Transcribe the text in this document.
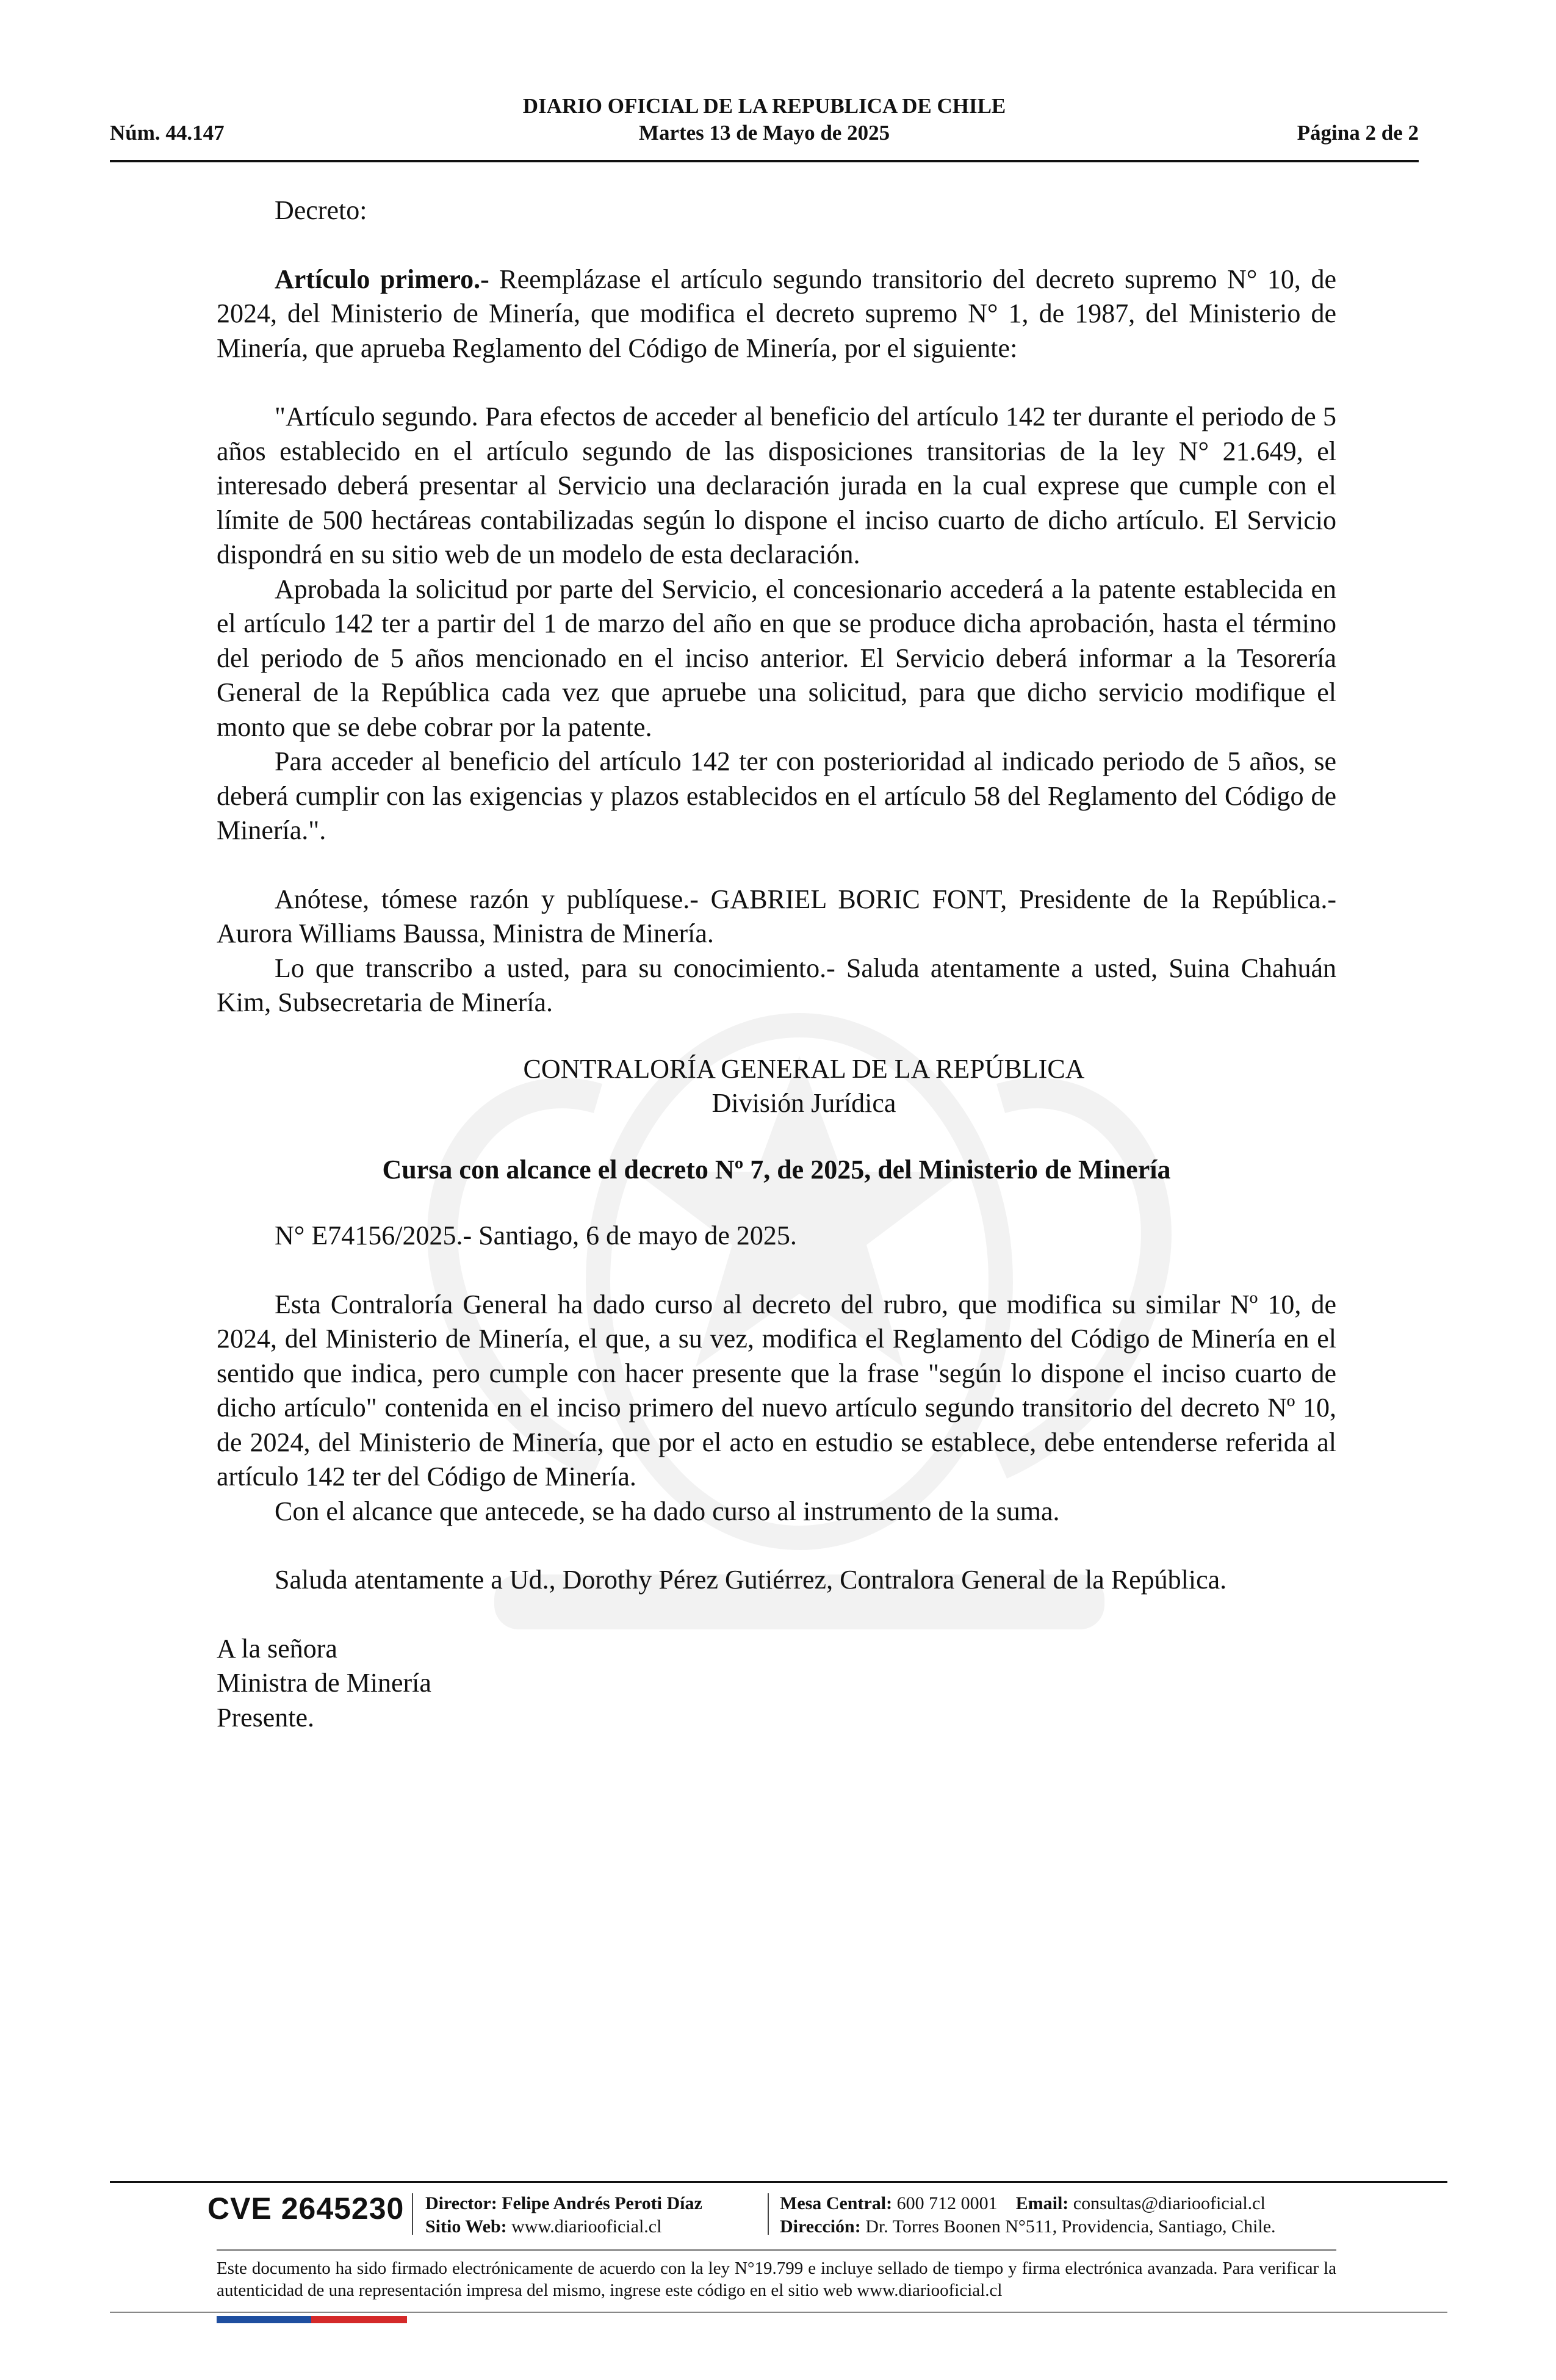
DIARIO OFICIAL DE LA REPUBLICA DE CHILE
Núm. 44.147	Martes 13 de Mayo de 2025	Página 2 de 2

Decreto:

Artículo primero.- Reemplázase el artículo segundo transitorio del decreto supremo N° 10, de 2024, del Ministerio de Minería, que modifica el decreto supremo N° 1, de 1987, del Ministerio de Minería, que aprueba Reglamento del Código de Minería, por el siguiente:

"Artículo segundo. Para efectos de acceder al beneficio del artículo 142 ter durante el periodo de 5 años establecido en el artículo segundo de las disposiciones transitorias de la ley N° 21.649, el interesado deberá presentar al Servicio una declaración jurada en la cual exprese que cumple con el límite de 500 hectáreas contabilizadas según lo dispone el inciso cuarto de dicho artículo. El Servicio dispondrá en su sitio web de un modelo de esta declaración.

Aprobada la solicitud por parte del Servicio, el concesionario accederá a la patente establecida en el artículo 142 ter a partir del 1 de marzo del año en que se produce dicha aprobación, hasta el término del periodo de 5 años mencionado en el inciso anterior. El Servicio deberá informar a la Tesorería General de la República cada vez que apruebe una solicitud, para que dicho servicio modifique el monto que se debe cobrar por la patente.

Para acceder al beneficio del artículo 142 ter con posterioridad al indicado periodo de 5 años, se deberá cumplir con las exigencias y plazos establecidos en el artículo 58 del Reglamento del Código de Minería.".

Anótese, tómese razón y publíquese.- GABRIEL BORIC FONT, Presidente de la República.- Aurora Williams Baussa, Ministra de Minería.

Lo que transcribo a usted, para su conocimiento.- Saluda atentamente a usted, Suina Chahuán Kim, Subsecretaria de Minería.

CONTRALORÍA GENERAL DE LA REPÚBLICA

División Jurídica

Cursa con alcance el decreto Nº 7, de 2025, del Ministerio de Minería

N° E74156/2025.- Santiago, 6 de mayo de 2025.

Esta Contraloría General ha dado curso al decreto del rubro, que modifica su similar Nº 10, de 2024, del Ministerio de Minería, el que, a su vez, modifica el Reglamento del Código de Minería en el sentido que indica, pero cumple con hacer presente que la frase "según lo dispone el inciso cuarto de dicho artículo" contenida en el inciso primero del nuevo artículo segundo transitorio del decreto Nº 10, de 2024, del Ministerio de Minería, que por el acto en estudio se establece, debe entenderse referida al artículo 142 ter del Código de Minería.

Con el alcance que antecede, se ha dado curso al instrumento de la suma.

Saluda atentamente a Ud., Dorothy Pérez Gutiérrez, Contralora General de la República.

A la señora

Ministra de Minería

Presente.

CVE 2645230 Director: Felipe Andrés Peroti Díaz
Sitio Web: www.diariooficial.cl
Mesa Central: 600 712 0001 Email: consultas@diariooficial.cl
Dirección: Dr. Torres Boonen N°511, Providencia, Santiago, Chile.
Este documento ha sido firmado electrónicamente de acuerdo con la ley N°19.799 e incluye sellado de tiempo y firma electrónica avanzada. Para verificar la autenticidad de una representación impresa del mismo, ingrese este código en el sitio web www.diariooficial.cl
